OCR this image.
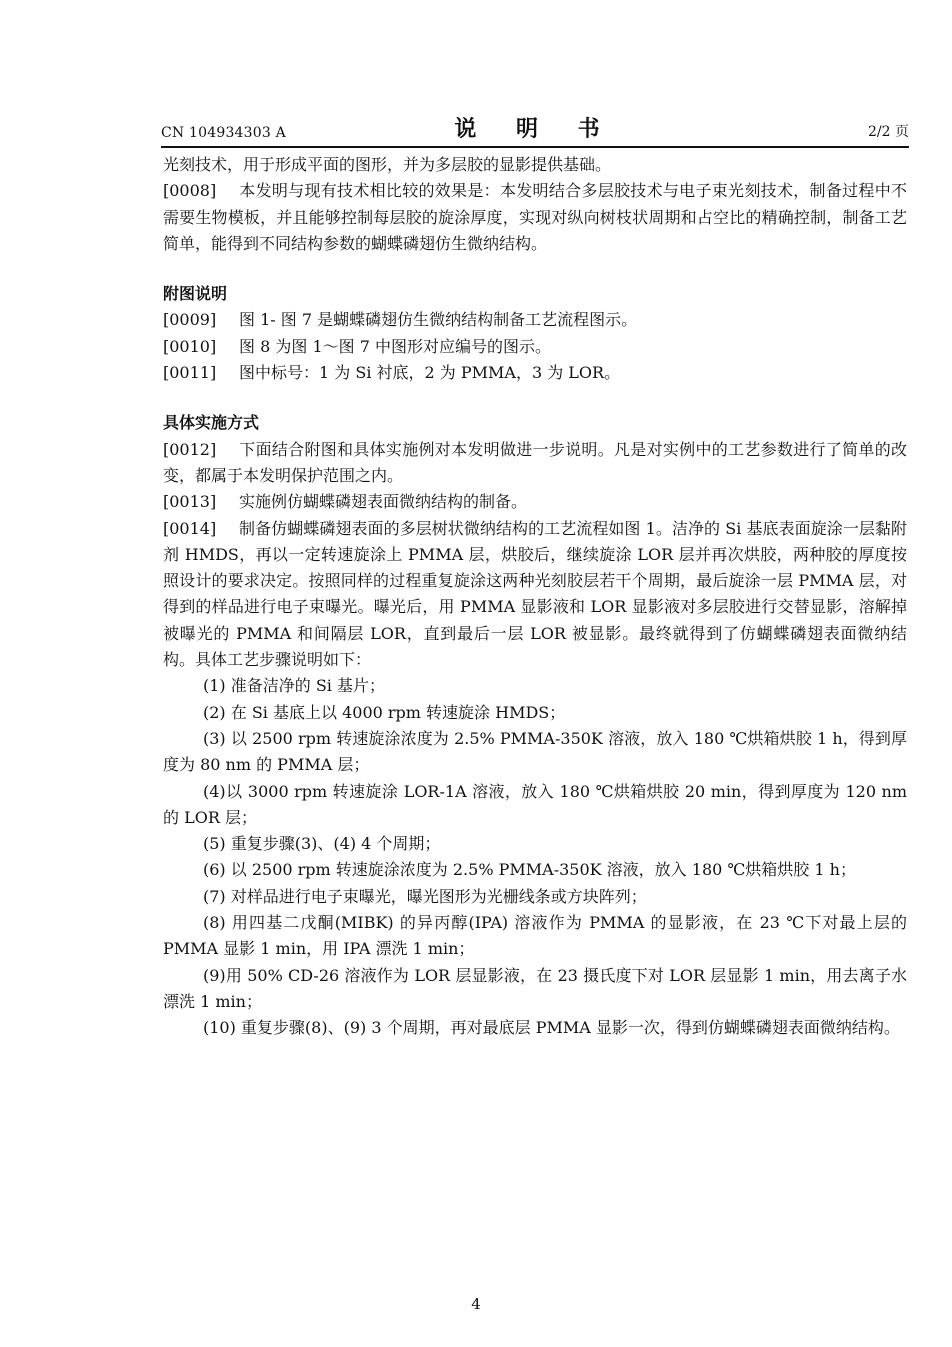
CN 104934303 A	说 明 书	2/2 页

光刻技术，用于形成平面的图形，并为多层胶的显影提供基础。

[0008] 本发明与现有技术相比较的效果是：本发明结合多层胶技术与电子束光刻技术，制备过程中不需要生物模板，并且能够控制每层胶的旋涂厚度，实现对纵向树枝状周期和占空比的精确控制，制备工艺简单，能得到不同结构参数的蝴蝶磷翅仿生微纳结构。

附图说明

[0009] 图 1- 图 7 是蝴蝶磷翅仿生微纳结构制备工艺流程图示。

[0010] 图 8 为图 1～图 7 中图形对应编号的图示。

[0011] 图中标号：1 为 Si 衬底，2 为 PMMA，3 为 LOR。

具体实施方式

[0012] 下面结合附图和具体实施例对本发明做进一步说明。凡是对实例中的工艺参数进行了简单的改变，都属于本发明保护范围之内。

[0013] 实施例仿蝴蝶磷翅表面微纳结构的制备。

[0014] 制备仿蝴蝶磷翅表面的多层树状微纳结构的工艺流程如图 1。洁净的 Si 基底表面旋涂一层黏附剂 HMDS，再以一定转速旋涂上 PMMA 层，烘胶后，继续旋涂 LOR 层并再次烘胶，两种胶的厚度按照设计的要求决定。按照同样的过程重复旋涂这两种光刻胶层若干个周期，最后旋涂一层 PMMA 层，对得到的样品进行电子束曝光。曝光后，用 PMMA 显影液和 LOR 显影液对多层胶进行交替显影，溶解掉被曝光的 PMMA 和间隔层 LOR，直到最后一层 LOR 被显影。最终就得到了仿蝴蝶磷翅表面微纳结构。具体工艺步骤说明如下：

(1) 准备洁净的 Si 基片；

(2) 在 Si 基底上以 4000 rpm 转速旋涂 HMDS；

(3) 以 2500 rpm 转速旋涂浓度为 2.5% PMMA-350K 溶液，放入 180 ℃烘箱烘胶 1 h，得到厚度为 80 nm 的 PMMA 层；

(4)以 3000 rpm 转速旋涂 LOR-1A 溶液，放入 180 ℃烘箱烘胶 20 min，得到厚度为 120 nm 的 LOR 层；

(5) 重复步骤(3)、(4) 4 个周期；

(6) 以 2500 rpm 转速旋涂浓度为 2.5% PMMA-350K 溶液，放入 180 ℃烘箱烘胶 1 h；

(7) 对样品进行电子束曝光，曝光图形为光栅线条或方块阵列；

(8) 用四基二戊酮(MIBK) 的异丙醇(IPA) 溶液作为 PMMA 的显影液，在 23 ℃下对最上层的 PMMA 显影 1 min，用 IPA 漂洗 1 min；

(9)用 50% CD-26 溶液作为 LOR 层显影液，在 23 摄氏度下对 LOR 层显影 1 min，用去离子水漂洗 1 min；

(10) 重复步骤(8)、(9) 3 个周期，再对最底层 PMMA 显影一次，得到仿蝴蝶磷翅表面微纳结构。

4
